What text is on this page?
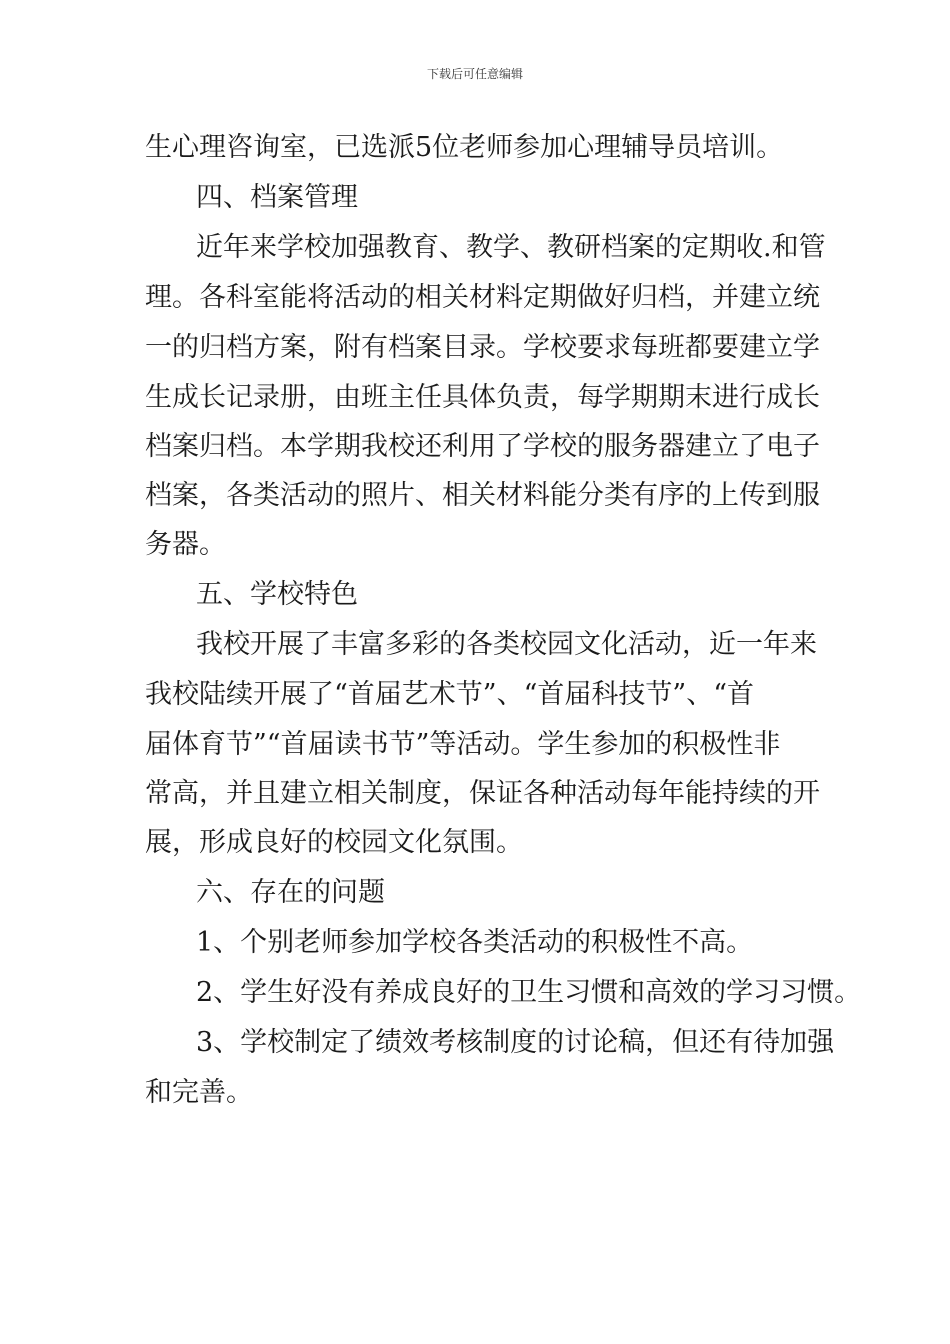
下载后可任意编辑
生心理咨询室，已选派5位老师参加心理辅导员培训。
四、档案管理
近年来学校加强教育、教学、教研档案的定期收.和管
理。各科室能将活动的相关材料定期做好归档，并建立统
一的归档方案，附有档案目录。学校要求每班都要建立学
生成长记录册，由班主任具体负责，每学期期末进行成长
档案归档。本学期我校还利用了学校的服务器建立了电子
档案，各类活动的照片、相关材料能分类有序的上传到服
务器。
五、学校特色
我校开展了丰富多彩的各类校园文化活动，近一年来
我校陆续开展了“首届艺术节”、“首届科技节”、“首
届体育节”“首届读书节”等活动。学生参加的积极性非
常高，并且建立相关制度，保证各种活动每年能持续的开
展，形成良好的校园文化氛围。
六、存在的问题
1、个别老师参加学校各类活动的积极性不高。
2、学生好没有养成良好的卫生习惯和高效的学习习惯。
3、学校制定了绩效考核制度的讨论稿，但还有待加强
和完善。
